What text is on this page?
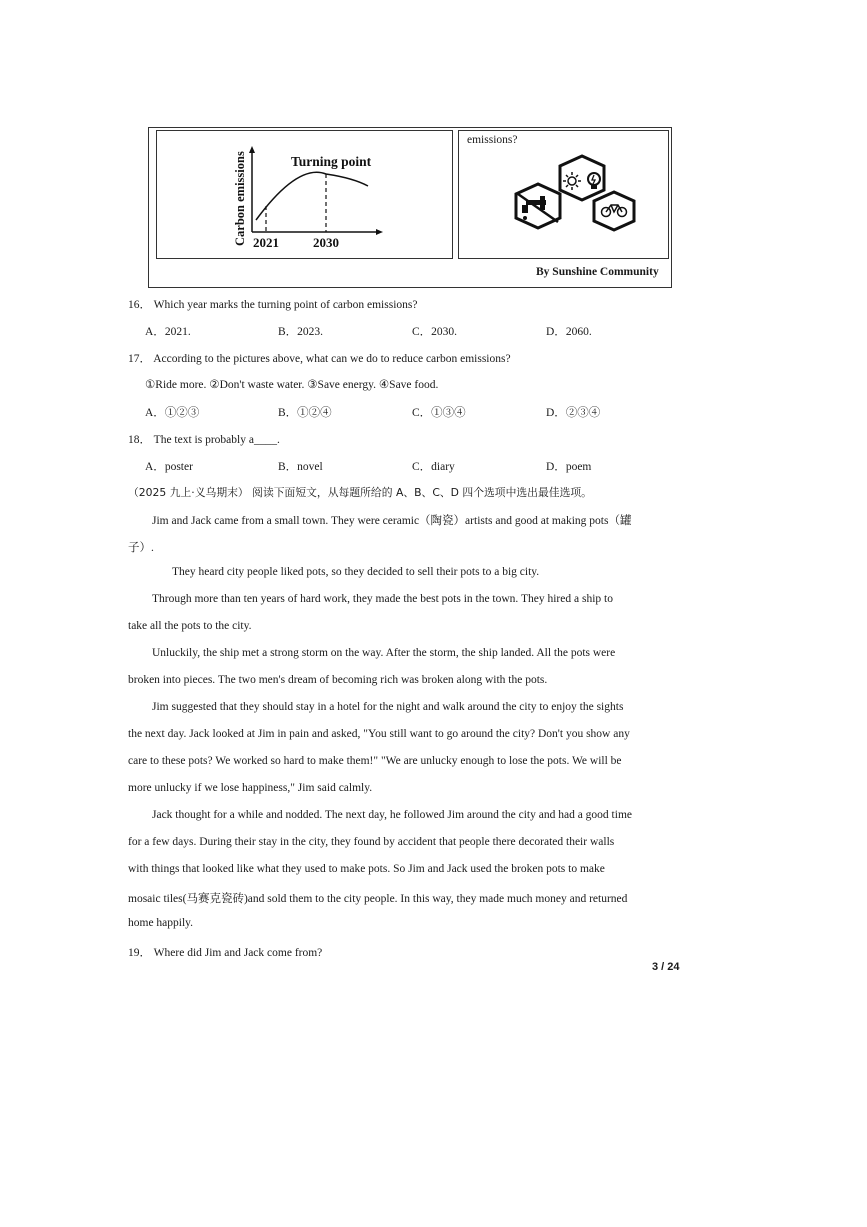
Carbon emissions	Turning point
2021	2030
emissions?
By Sunshine Community
16． Which year marks the turning point of carbon emissions?
A．2021.	B．2023.	C．2030.	D．2060.
17． According to the pictures above, what can we do to reduce carbon emissions?
①Ride more. ②Don't waste water. ③Save energy. ④Save food.
A．①②③	B．①②④	C．①③④	D．②③④
18． The text is probably a____.
A．poster	B．novel	C．diary	D．poem
（2025 九上·义乌期末） 阅读下面短文，从每题所给的 A、B、C、D 四个选项中选出最佳选项。
Jim and Jack came from a small town. They were ceramic（陶瓷）artists and good at making pots（罐
子）.
They heard city people liked pots, so they decided to sell their pots to a big city.
Through more than ten years of hard work, they made the best pots in the town. They hired a ship to
take all the pots to the city.
Unluckily, the ship met a strong storm on the way. After the storm, the ship landed. All the pots were
broken into pieces. The two men's dream of becoming rich was broken along with the pots.
Jim suggested that they should stay in a hotel for the night and walk around the city to enjoy the sights
the next day. Jack looked at Jim in pain and asked, "You still want to go around the city? Don't you show any
care to these pots? We worked so hard to make them!" "We are unlucky enough to lose the pots. We will be
more unlucky if we lose happiness," Jim said calmly.
Jack thought for a while and nodded. The next day, he followed Jim around the city and had a good time
for a few days. During their stay in the city, they found by accident that people there decorated their walls
with things that looked like what they used to make pots. So Jim and Jack used the broken pots to make
mosaic tiles(马赛克瓷砖)and sold them to the city people. In this way, they made much money and returned
home happily.
19． Where did Jim and Jack come from?
3 / 24
